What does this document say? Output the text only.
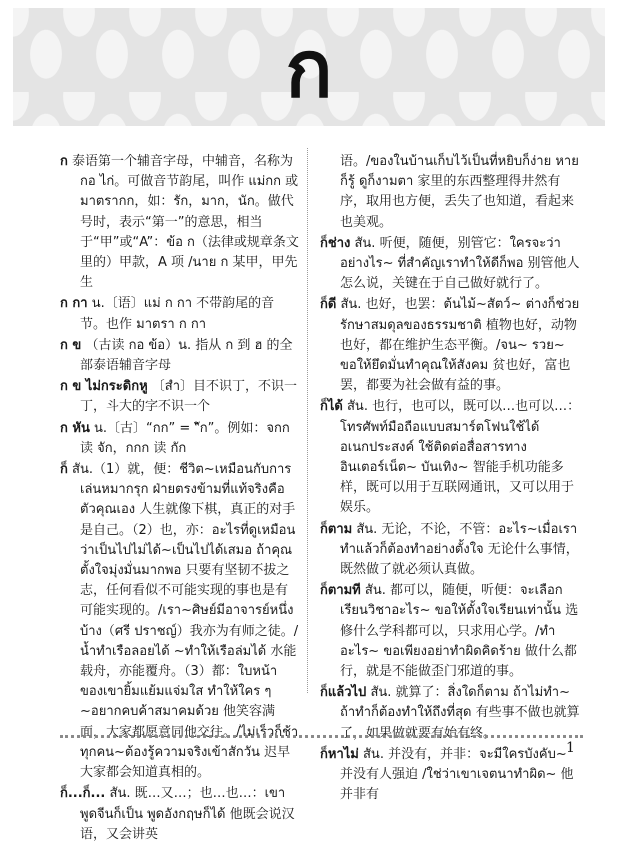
ก

ก 泰语第一个辅音字母，中辅音，名称为 กอ ไก่。可做音节韵尾，叫作 แม่กก 或 มาตรากก，如：รัก，มาก，นัก。做代号时，表示“第一”的意思，相当于“甲”或“A”：ข้อ ก（法律或规章条文里的）甲款，A 项 /นาย ก 某甲，甲先生

ก กา น.〔语〕แม่ ก กา 不带韵尾的音节。也作 มาตรา ก กา

ก ข （古读 กอ ข้อ）น. 指从 ก 到 ฮ 的全部泰语辅音字母

ก ข ไม่กระดิกหู 〔สำ〕目不识丁，不识一丁，斗大的字不识一个

ก หัน น.〔古〕“กก” = “ัก”。例如：จกก 读 จัก，กกก 读 กัก

ก็ สัน.（1）就，便：ชีวิต~เหมือนกับการเล่นหมากรุก ฝ่ายตรงข้ามที่แท้จริงคือตัวคุณเอง 人生就像下棋，真正的对手是自己。（2）也，亦：อะไรที่ดูเหมือนว่าเป็นไปไม่ได้~เป็นไปได้เสมอ ถ้าคุณตั้งใจมุ่งมั่นมากพอ 只要有坚韧不拔之志，任何看似不可能实现的事也是有可能实现的。/เรา~ศิษย์มีอาจารย์หนึ่งบ้าง（ศรี ปราชญ์）我亦为有师之徒。/น้ำทำเรือลอยได้ ~ทำให้เรือล่มได้ 水能载舟，亦能覆舟。（3）都：ใบหน้าของเขายิ้มแย้มแจ่มใส ทำให้ใคร ๆ ~อยากคบค้าสมาคมด้วย 他笑容满面，大家都愿意同他交往。/ไม่เร็วก็ช้า ทุกคน~ต้องรู้ความจริงเข้าสักวัน 迟早大家都会知道真相的。

ก็...ก็... สัน. 既…又…；也…也…：เขาพูดจีนก็เป็น พูดอังกฤษก็ได้ 他既会说汉语，又会讲英

语。/ของในบ้านเก็บไว้เป็นที่หยิบก็ง่าย หายก็รู้ ดูก็งามตา 家里的东西整理得井然有序，取用也方便，丢失了也知道，看起来也美观。

ก็ช่าง สัน. 听便，随便，别管它：ใครจะว่าอย่างไร~ ที่สำคัญเราทำให้ดีก็พอ 别管他人怎么说，关键在于自己做好就行了。

ก็ดี สัน. 也好，也罢：ต้นไม้~สัตว์~ ต่างก็ช่วยรักษาสมดุลของธรรมชาติ 植物也好，动物也好，都在维护生态平衡。/จน~ รวย~ ขอให้ยึดมั่นทำคุณให้สังคม 贫也好，富也罢，都要为社会做有益的事。

ก็ได้ สัน. 也行，也可以，既可以…也可以…：โทรศัพท์มือถือแบบสมาร์ตโฟนใช้ได้อเนกประสงค์ ใช้ติดต่อสื่อสารทางอินเตอร์เน็ต~ บันเทิง~ 智能手机功能多样，既可以用于互联网通讯，又可以用于娱乐。

ก็ตาม สัน. 无论，不论，不管：อะไร~เมื่อเราทำแล้วก็ต้องทำอย่างตั้งใจ 无论什么事情，既然做了就必须认真做。

ก็ตามที สัน. 都可以，随便，听便：จะเลือกเรียนวิชาอะไร~ ขอให้ตั้งใจเรียนเท่านั้น 选修什么学科都可以，只求用心学。/ทำอะไร~ ขอเพียงอย่าทำผิดคิดร้าย 做什么都行，就是不能做歪门邪道的事。

ก็แล้วไป สัน. 就算了：สิ่งใดก็ตาม ถ้าไม่ทำ~ ถ้าทำก็ต้องทำให้ถึงที่สุด 有些事不做也就算了，如果做就要有始有终。

ก็หาไม่ สัน. 并没有，并非：จะมีใครบังคับ~ 并没有人强迫 /ใช่ว่าเขาเจตนาทำผิด~ 他并非有

1
